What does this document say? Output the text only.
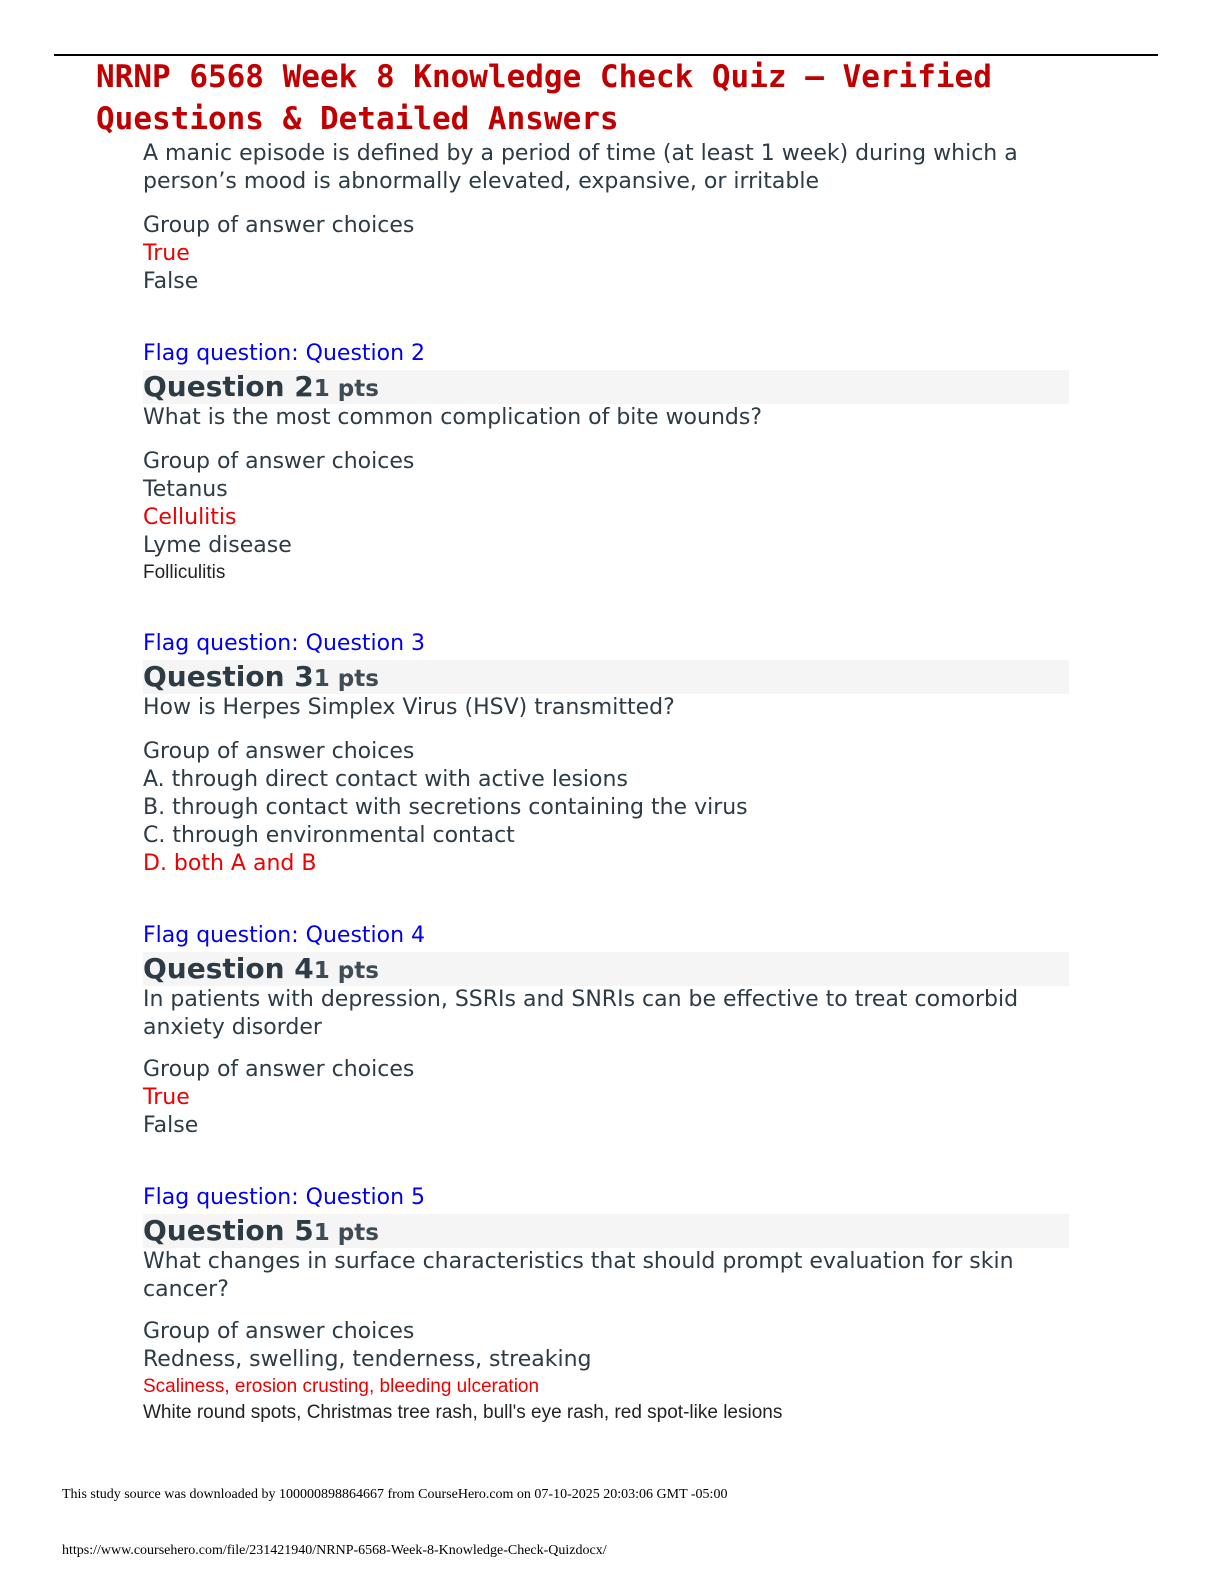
NRNP 6568 Week 8 Knowledge Check Quiz — Verified Questions & Detailed Answers

A manic episode is defined by a period of time (at least 1 week) during which a person’s mood is abnormally elevated, expansive, or irritable

Group of answer choices
True
False
Flag question: Question 2
Question 2 1 pts

What is the most common complication of bite wounds?

Group of answer choices
Tetanus
Cellulitis
Lyme disease
Folliculitis
Flag question: Question 3
Question 3 1 pts

How is Herpes Simplex Virus (HSV) transmitted?

Group of answer choices
A. through direct contact with active lesions
B. through contact with secretions containing the virus
C. through environmental contact
D. both A and B
Flag question: Question 4
Question 4 1 pts

In patients with depression, SSRIs and SNRIs can be effective to treat comorbid anxiety disorder

Group of answer choices
True
False
Flag question: Question 5
Question 5 1 pts

What changes in surface characteristics that should prompt evaluation for skin cancer?

Group of answer choices
Redness, swelling, tenderness, streaking
Scaliness, erosion crusting, bleeding ulceration
White round spots, Christmas tree rash, bull's eye rash, red spot-like lesions
This study source was downloaded by 100000898864667 from CourseHero.com on 07-10-2025 20:03:06 GMT -05:00
https://www.coursehero.com/file/231421940/NRNP-6568-Week-8-Knowledge-Check-Quizdocx/
